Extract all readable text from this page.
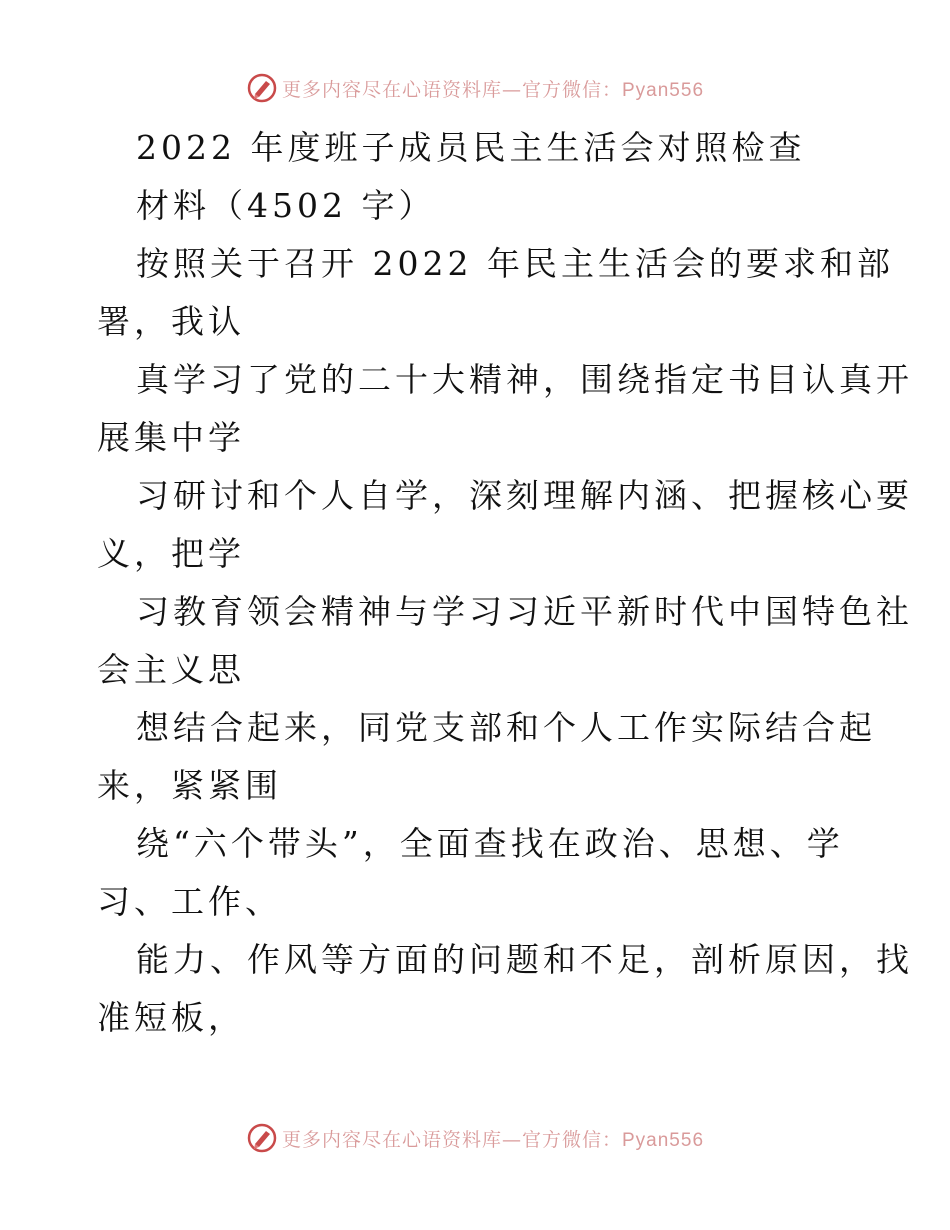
更多内容尽在心语资料库—官方微信：Pyan556
2022 年度班子成员民主生活会对照检查
材料（4502 字）
按照关于召开 2022 年民主生活会的要求和部
署，我认
真学习了党的二十大精神，围绕指定书目认真开
展集中学
习研讨和个人自学，深刻理解内涵、把握核心要
义，把学
习教育领会精神与学习习近平新时代中国特色社
会主义思
想结合起来，同党支部和个人工作实际结合起
来，紧紧围
绕“六个带头”，全面查找在政治、思想、学
习、工作、
能力、作风等方面的问题和不足，剖析原因，找
准短板，
更多内容尽在心语资料库—官方微信：Pyan556
